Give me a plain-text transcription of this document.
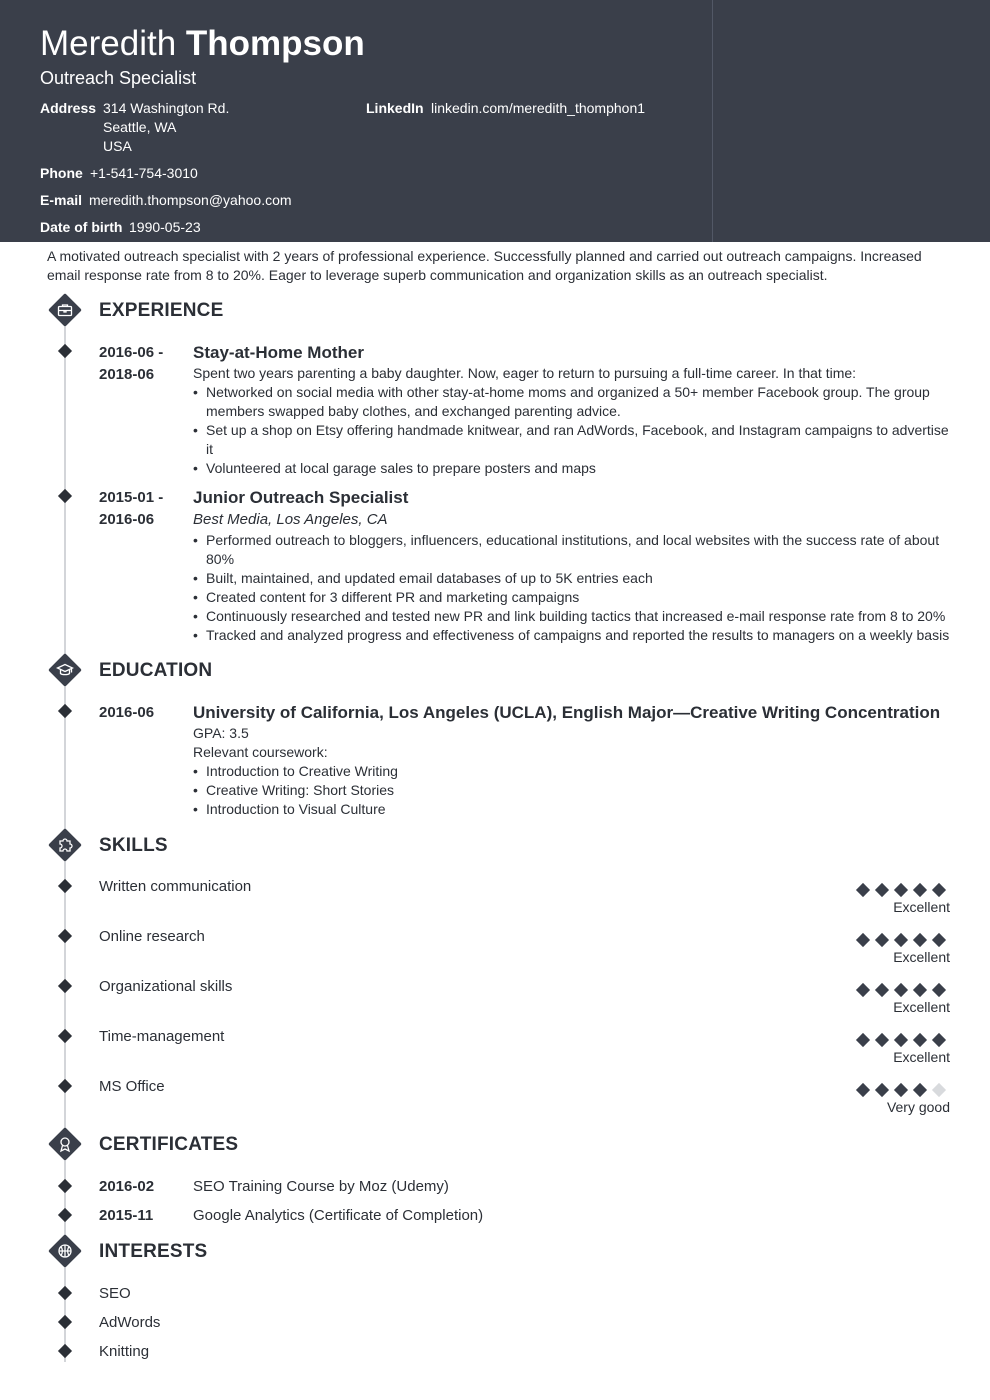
Meredith Thompson
Outreach Specialist
Address 314 Washington Rd.
Seattle, WA
USA
LinkedIn linkedin.com/meredith_thomphon1
Phone +1-541-754-3010
E-mail meredith.thompson@yahoo.com
Date of birth 1990-05-23
A motivated outreach specialist with 2 years of professional experience. Successfully planned and carried out outreach campaigns. Increased email response rate from 8 to 20%. Eager to leverage superb communication and organization skills as an outreach specialist.
EXPERIENCE
2016-06 -
2018-06
Stay-at-Home Mother
Spent two years parenting a baby daughter. Now, eager to return to pursuing a full-time career. In that time:
• Networked on social media with other stay-at-home moms and organized a 50+ member Facebook group. The group members swapped baby clothes, and exchanged parenting advice.
• Set up a shop on Etsy offering handmade knitwear, and ran AdWords, Facebook, and Instagram campaigns to advertise it
• Volunteered at local garage sales to prepare posters and maps
2015-01 -
2016-06
Junior Outreach Specialist
Best Media, Los Angeles, CA
• Performed outreach to bloggers, influencers, educational institutions, and local websites with the success rate of about 80%
• Built, maintained, and updated email databases of up to 5K entries each
• Created content for 3 different PR and marketing campaigns
• Continuously researched and tested new PR and link building tactics that increased e-mail response rate from 8 to 20%
• Tracked and analyzed progress and effectiveness of campaigns and reported the results to managers on a weekly basis
EDUCATION
2016-06 University of California, Los Angeles (UCLA), English Major—Creative Writing Concentration
GPA: 3.5
Relevant coursework:
• Introduction to Creative Writing
• Creative Writing: Short Stories
• Introduction to Visual Culture
SKILLS
Written communication
Excellent
Online research
Excellent
Organizational skills
Excellent
Time-management
Excellent
MS Office
Very good
CERTIFICATES
2016-02	SEO Training Course by Moz (Udemy)
2015-11	Google Analytics (Certificate of Completion)
INTERESTS
SEO
AdWords
Knitting
